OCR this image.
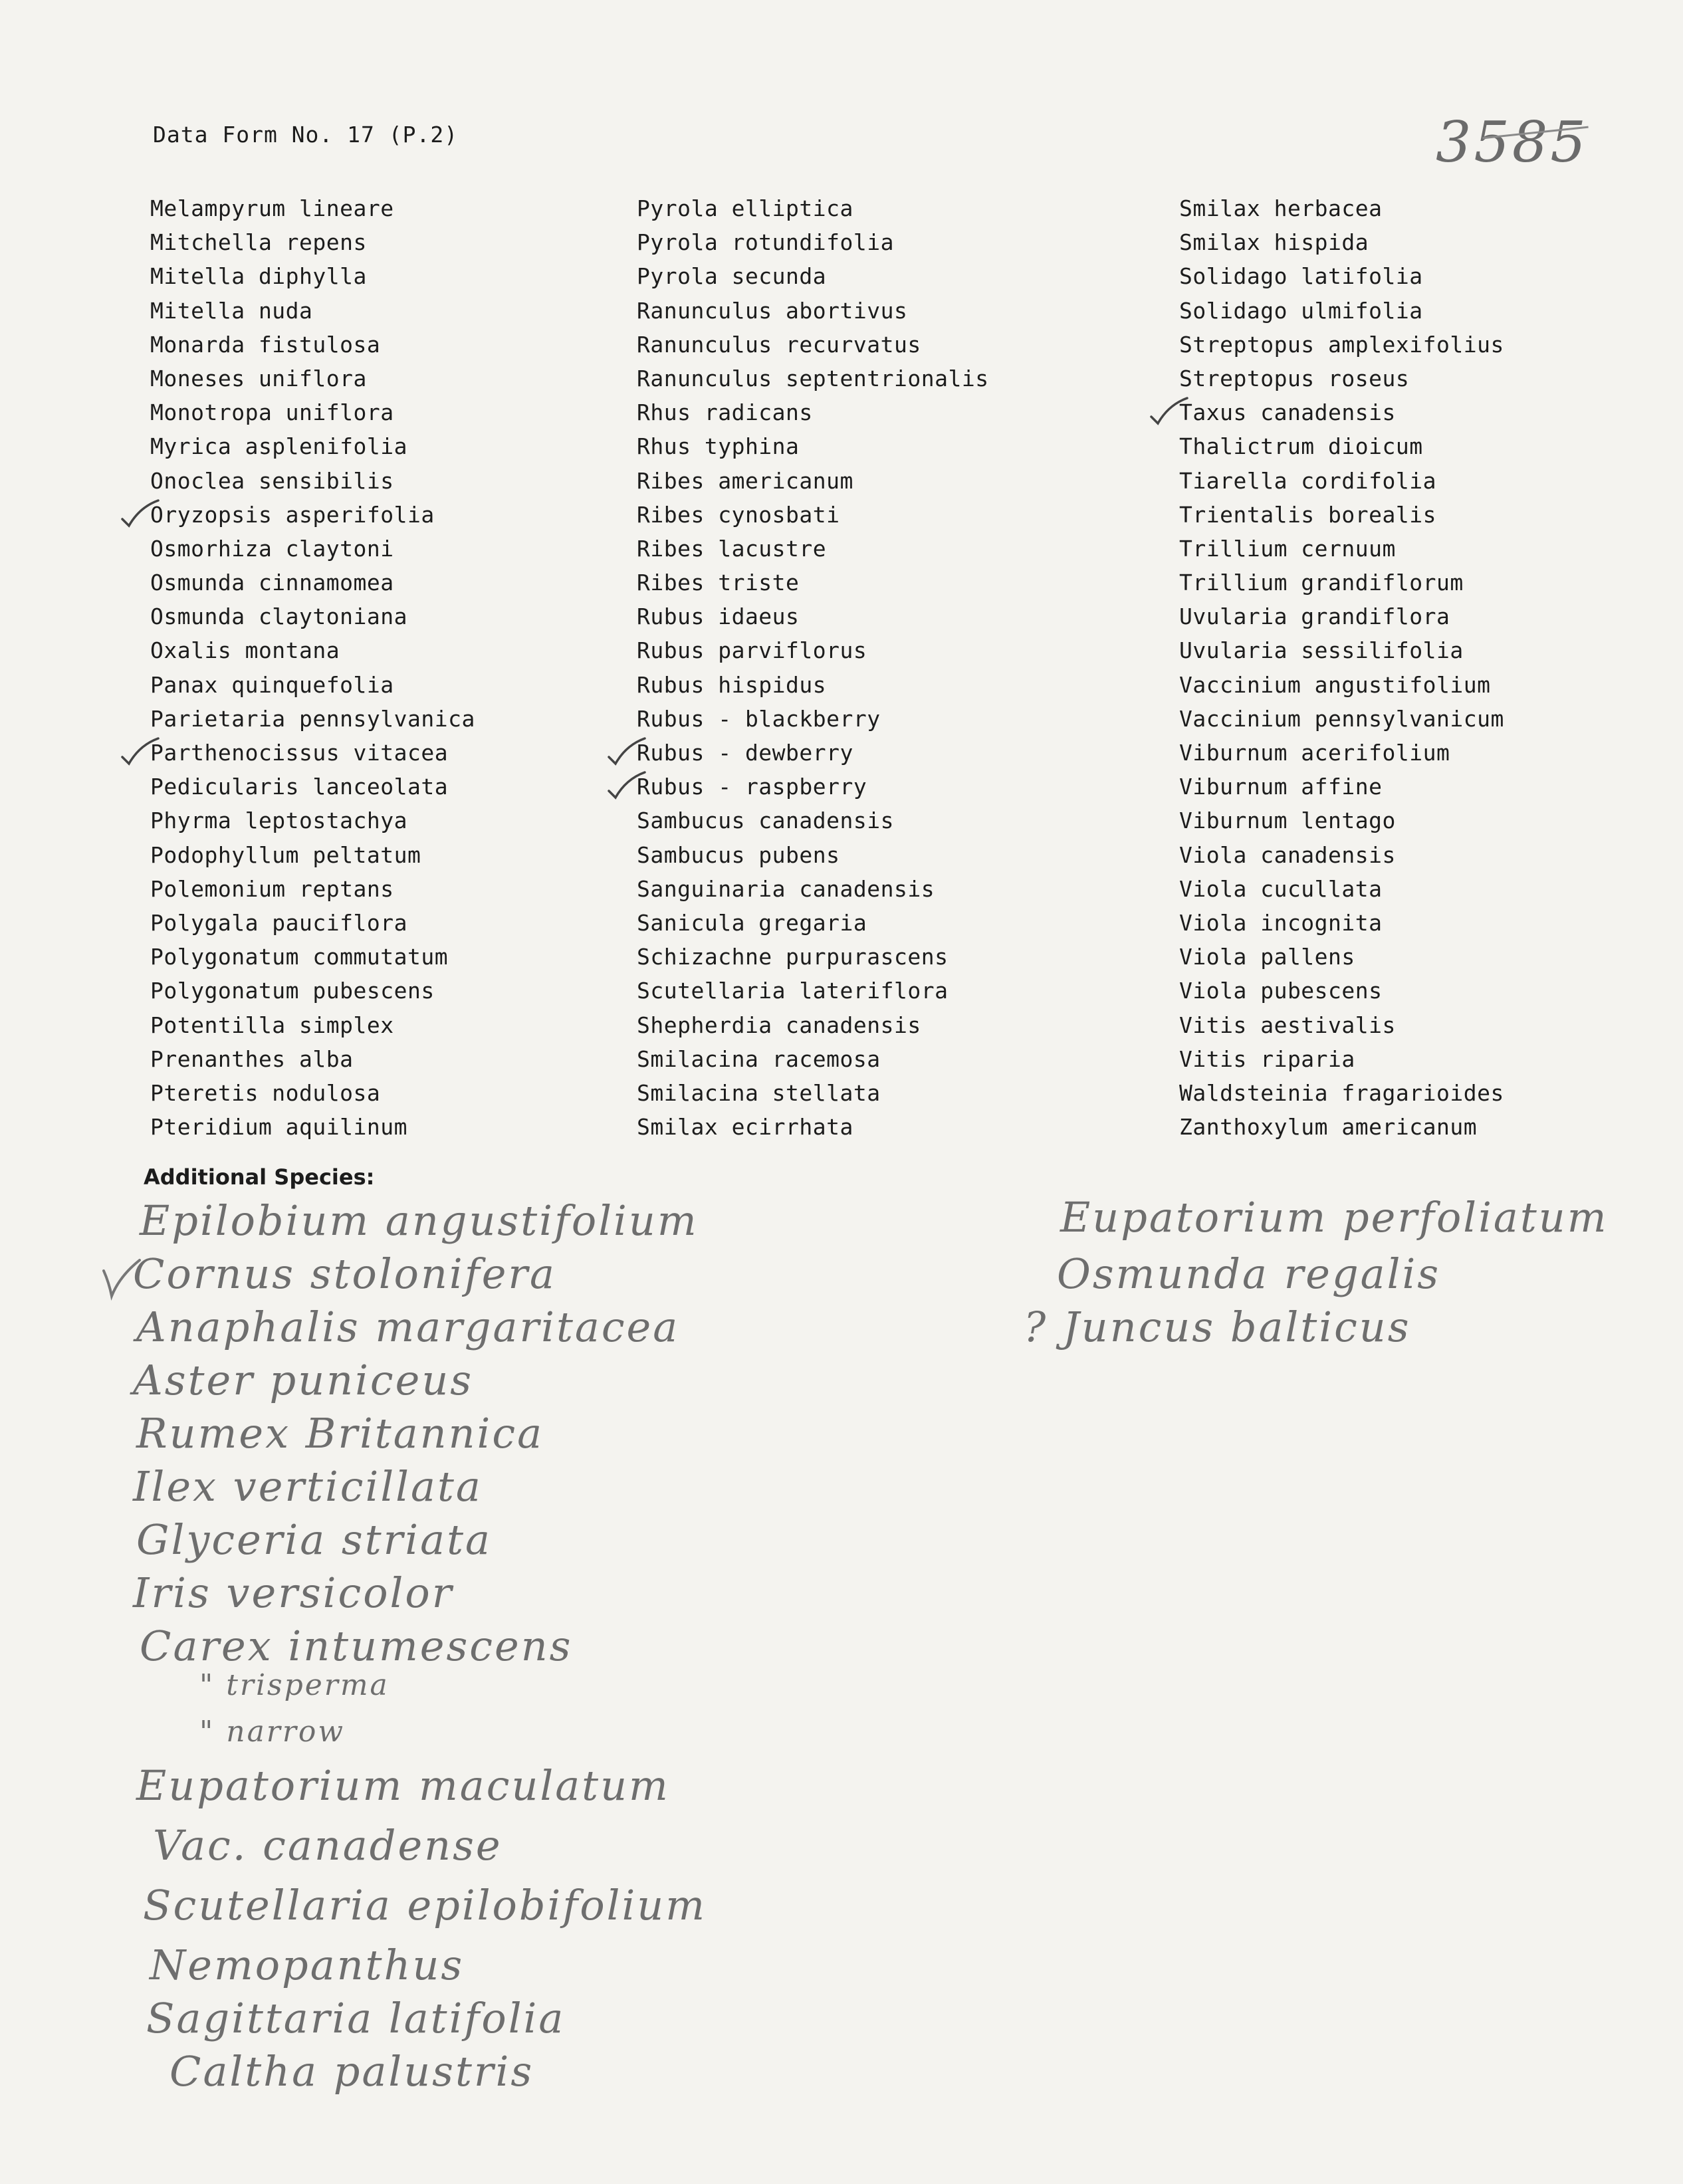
Data Form No. 17 (P.2)	3585
Melampyrum lineare
Mitchella repens
Mitella diphylla
Mitella nuda
Monarda fistulosa
Moneses uniflora
Monotropa uniflora
Myrica asplenifolia
Onoclea sensibilis
Oryzopsis asperifolia
Osmorhiza claytoni
Osmunda cinnamomea
Osmunda claytoniana
Oxalis montana
Panax quinquefolia
Parietaria pennsylvanica
Parthenocissus vitacea
Pedicularis lanceolata
Phyrma leptostachya
Podophyllum peltatum
Polemonium reptans
Polygala pauciflora
Polygonatum commutatum
Polygonatum pubescens
Potentilla simplex
Prenanthes alba
Pteretis nodulosa
Pteridium aquilinum
Pyrola elliptica
Pyrola rotundifolia
Pyrola secunda
Ranunculus abortivus
Ranunculus recurvatus
Ranunculus septentrionalis
Rhus radicans
Rhus typhina
Ribes americanum
Ribes cynosbati
Ribes lacustre
Ribes triste
Rubus idaeus
Rubus parviflorus
Rubus hispidus
Rubus - blackberry
Rubus - dewberry
Rubus - raspberry
Sambucus canadensis
Sambucus pubens
Sanguinaria canadensis
Sanicula gregaria
Schizachne purpurascens
Scutellaria lateriflora
Shepherdia canadensis
Smilacina racemosa
Smilacina stellata
Smilax ecirrhata
Smilax herbacea
Smilax hispida
Solidago latifolia
Solidago ulmifolia
Streptopus amplexifolius
Streptopus roseus
Taxus canadensis
Thalictrum dioicum
Tiarella cordifolia
Trientalis borealis
Trillium cernuum
Trillium grandiflorum
Uvularia grandiflora
Uvularia sessilifolia
Vaccinium angustifolium
Vaccinium pennsylvanicum
Viburnum acerifolium
Viburnum affine
Viburnum lentago
Viola canadensis
Viola cucullata
Viola incognita
Viola pallens
Viola pubescens
Vitis aestivalis
Vitis riparia
Waldsteinia fragarioides
Zanthoxylum americanum
Additional Species:
Epilobium angustifolium
Cornus stolonifera
Anaphalis margaritacea
Aster puniceus
Rumex Britannica
Ilex verticillata
Glyceria striata
Iris versicolor
Carex intumescens
" trisperma
" narrow
Eupatorium maculatum
Vac. canadense
Scutellaria epilobifolium
Nemopanthus
Sagittaria latifolia
Caltha palustris
Eupatorium perfoliatum
Osmunda regalis
? Juncus balticus
